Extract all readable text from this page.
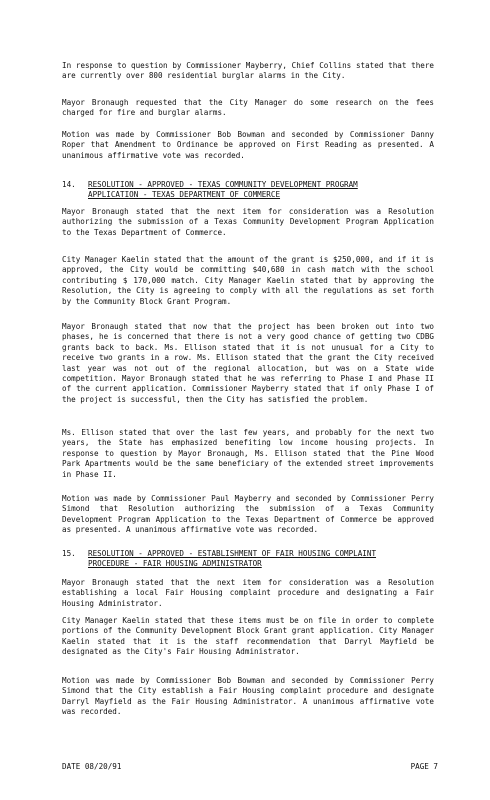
In response to question by Commissioner Mayberry, Chief Collins stated that there are currently over 800 residential burglar alarms in the City.
Mayor Bronaugh requested that the City Manager do some research on the fees charged for fire and burglar alarms.
Motion was made by Commissioner Bob Bowman and seconded by Commissioner Danny Roper that Amendment to Ordinance be approved on First Reading as presented. A unanimous affirmative vote was recorded.
14. RESOLUTION - APPROVED - TEXAS COMMUNITY DEVELOPMENT PROGRAM
APPLICATION - TEXAS DEPARTMENT OF COMMERCE
Mayor Bronaugh stated that the next item for consideration was a Resolution authorizing the submission of a Texas Community Development Program Application to the Texas Department of Commerce.
City Manager Kaelin stated that the amount of the grant is $250,000, and if it is approved, the City would be committing $40,680 in cash match with the school contributing $ 170,000 match. City Manager Kaelin stated that by approving the Resolution, the City is agreeing to comply with all the regulations as set forth by the Community Block Grant Program.
Mayor Bronaugh stated that now that the project has been broken out into two phases, he is concerned that there is not a very good chance of getting two CDBG grants back to back. Ms. Ellison stated that it is not unusual for a City to receive two grants in a row. Ms. Ellison stated that the grant the City received last year was not out of the regional allocation, but was on a State wide competition. Mayor Bronaugh stated that he was referring to Phase I and Phase II of the current application. Commissioner Mayberry stated that if only Phase I of the project is successful, then the City has satisfied the problem.
Ms. Ellison stated that over the last few years, and probably for the next two years, the State has emphasized benefiting low income housing projects. In response to question by Mayor Bronaugh, Ms. Ellison stated that the Pine Wood Park Apartments would be the same beneficiary of the extended street improvements in Phase II.
Motion was made by Commissioner Paul Mayberry and seconded by Commissioner Perry Simond that Resolution authorizing the submission of a Texas Community Development Program Application to the Texas Department of Commerce be approved as presented. A unanimous affirmative vote was recorded.
15. RESOLUTION - APPROVED - ESTABLISHMENT OF FAIR HOUSING COMPLAINT
PROCEDURE - FAIR HOUSING ADMINISTRATOR
Mayor Bronaugh stated that the next item for consideration was a Resolution establishing a local Fair Housing complaint procedure and designating a Fair Housing Administrator.
City Manager Kaelin stated that these items must be on file in order to complete portions of the Community Development Block Grant grant application. City Manager Kaelin stated that it is the staff recommendation that Darryl Mayfield be designated as the City's Fair Housing Administrator.
Motion was made by Commissioner Bob Bowman and seconded by Commissioner Perry Simond that the City establish a Fair Housing complaint procedure and designate Darryl Mayfield as the Fair Housing Administrator. A unanimous affirmative vote was recorded.
DATE 08/20/91	PAGE 7
